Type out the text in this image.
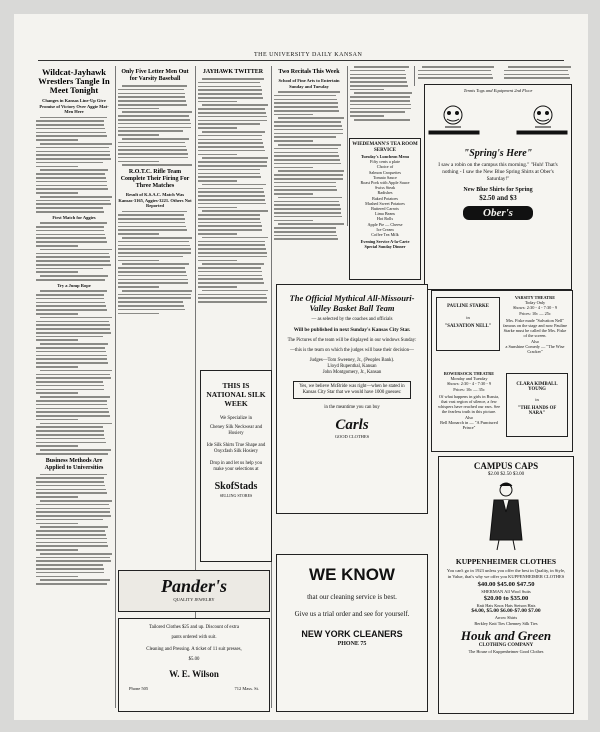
THE UNIVERSITY DAILY KANSAN
Wildcat-Jayhawk Wrestlers Tangle In Meet Tonight
Changes in Kansas Line-Up Give Promise of Victory Over Aggie Mat-Men Here
First Match for Aggies
Try a Jump Rope
Business Methods Are Applied to Universities
Only Five Letter Men Out for Varsity Baseball
R.O.T.C. Rifle Team Complete Their Firing For Three Matches
Result of K.S.A.C. Match Was Kansas-3165, Aggies-3221. Others Not Reported
JAYHAWK TWITTER	Two Recitals This Week
School of Fine Arts to Entertain Sunday and Tuesday
WIEDEMANN'S TEA ROOM SERVICE
Tuesday's Luncheon Menu
Fifty cents a plate
Choice of
Salmon Croquettes
Tomato Sauce
Roast Pork with Apple Sauce
Swiss Steak
Radishes
Baked Potatoes
Mashed Sweet Potatoes
Buttered Carrots
Lima Beans
Hot Rolls
Apple Pie — Cheese
Ice Cream
Coffee Tea Milk
Evening Service A-la-Carte
Special Sunday Dinner
Tennis Togs and Equipment 2nd Floor
"Spring's Here"
I saw a robin on the campus this morning." "Huh! That's nothing - I saw the New Blue Spring Shirts at Ober's Saturday!"
New Blue Shirts for Spring
$2.50 and $3
Ober's
The Official Mythical All-Missouri-Valley Basket Ball Team
— as selected by the coaches and officials
Will be published in next Sunday's Kansas City Star.
The Pictures of the team will be displayed in our windows Sunday:
—this is the team on which the judges will base their decision—
Judges—Tom Sweeney, Jr., (Peoples Bank).
Lloyd Rupenthal, Kansan
John Montgomery, Jr., Kansan
Yes, we believe McBride was right—when he stated in Kansas City Star that we would have 1000 guesses:
in the meantime you can buy
Carls
GOOD CLOTHES
PAULINE STARKE
in
"SALVATION NELL"
VARSITY THEATRE
Today Only
Shows: 2:30 - 4 - 7:30 - 9
Prices: 10c — 25c
Mrs. Fiske made "Salvation Nell" famous on the stage and now Pauline Starke must be called the Mrs. Fiske of the screen.
Also
a Sunshine Comedy — "The Wise Cracker"
BOWERSOCK THEATRE
Monday and Tuesday
Shows: 2:30 - 4 - 7:30 - 9
Prices: 10c — 35c
Of what happens in girls in Russia, that vast region of silence, a few whispers have reached our ears. See the fearless truth in this picture.
Also
Bell Monarch in — "A Punctured Prince"
CLARA KIMBALL YOUNG
in
"THE HANDS OF NARA"
THIS IS NATIONAL SILK WEEK
We Specialize in
Cheney Silk Neckwear and Hosiery
Ide Silk Shirts True Shape and Onyxfash Silk Hosiery
Drop in and let us help you make your selections at
SkofStads
SELLING STORES
Pander's
QUALITY JEWELRY
Tailored Clothes $25 and up. Discount of extra
pants ordered with suit.
Cleaning and Pressing. A ticket of 11 suit presses,
$5.00
W. E. Wilson
Phone 505	712 Mass. St.
WE KNOW
that our cleaning service is best.
Give us a trial order and see for yourself.
NEW YORK CLEANERS
PHONE 75
CAMPUS CAPS
$2.00 $2.50 $3.00
KUPPENHEIMER CLOTHES
You can't go in 1923 unless you offer the best in Quality, in Style, in Value, that's why we offer you KUPPENHEIMER CLOTHES
$40.00 $45.00 $47.50
SHERMAN All Wool Suits
$20.00 to $35.00
Knit Hats Knox Hats Stetson Hats
$4.00, $5.00 $6.00-$7.00 $7.00
Arrow Shirts
Berkley Knit Ties Chenney Silk Ties
Houk and Green
CLOTHING COMPANY
The House of Kuppenheimer Good Clothes
